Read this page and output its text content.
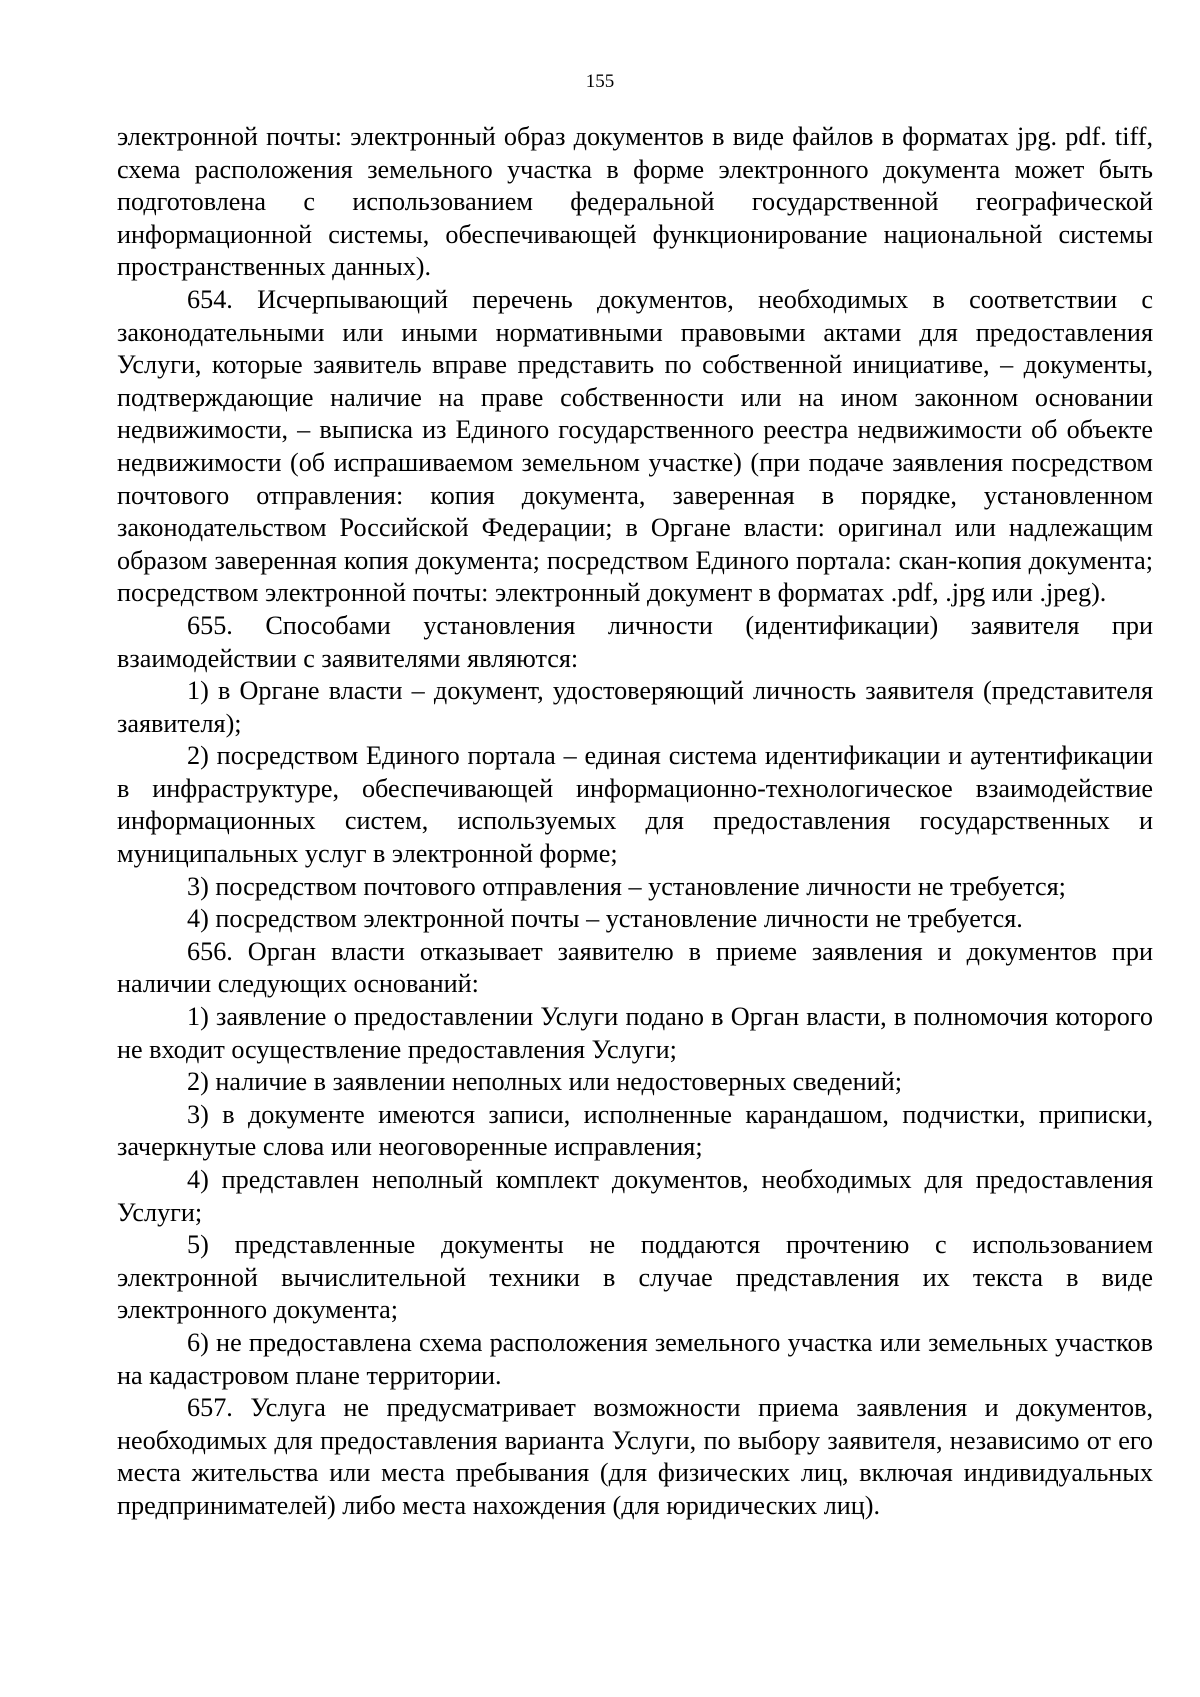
155

электронной почты: электронный образ документов в виде файлов в форматах jpg. pdf. tiff, схема расположения земельного участка в форме электронного документа может быть подготовлена с использованием федеральной государственной географической информационной системы, обеспечивающей функционирование национальной системы пространственных данных).

654. Исчерпывающий перечень документов, необходимых в соответствии с законодательными или иными нормативными правовыми актами для предоставления Услуги, которые заявитель вправе представить по собственной инициативе, – документы, подтверждающие наличие на праве собственности или на ином законном основании недвижимости, – выписка из Единого государственного реестра недвижимости об объекте недвижимости (об испрашиваемом земельном участке) (при подаче заявления посредством почтового отправления: копия документа, заверенная в порядке, установленном законодательством Российской Федерации; в Органе власти: оригинал или надлежащим образом заверенная копия документа; посредством Единого портала: скан-копия документа; посредством электронной почты: электронный документ в форматах .pdf, .jpg или .jpeg).

655. Способами установления личности (идентификации) заявителя при взаимодействии с заявителями являются:

1) в Органе власти – документ, удостоверяющий личность заявителя (представителя заявителя);

2) посредством Единого портала – единая система идентификации и аутентификации в инфраструктуре, обеспечивающей информационно-технологическое взаимодействие информационных систем, используемых для предоставления государственных и муниципальных услуг в электронной форме;

3) посредством почтового отправления – установление личности не требуется;

4) посредством электронной почты – установление личности не требуется.

656. Орган власти отказывает заявителю в приеме заявления и документов при наличии следующих оснований:

1) заявление о предоставлении Услуги подано в Орган власти, в полномочия которого не входит осуществление предоставления Услуги;

2) наличие в заявлении неполных или недостоверных сведений;

3) в документе имеются записи, исполненные карандашом, подчистки, приписки, зачеркнутые слова или неоговоренные исправления;

4) представлен неполный комплект документов, необходимых для предоставления Услуги;

5) представленные документы не поддаются прочтению с использованием электронной вычислительной техники в случае представления их текста в виде электронного документа;

6) не предоставлена схема расположения земельного участка или земельных участков на кадастровом плане территории.

657. Услуга не предусматривает возможности приема заявления и документов, необходимых для предоставления варианта Услуги, по выбору заявителя, независимо от его места жительства или места пребывания (для физических лиц, включая индивидуальных предпринимателей) либо места нахождения (для юридических лиц).
